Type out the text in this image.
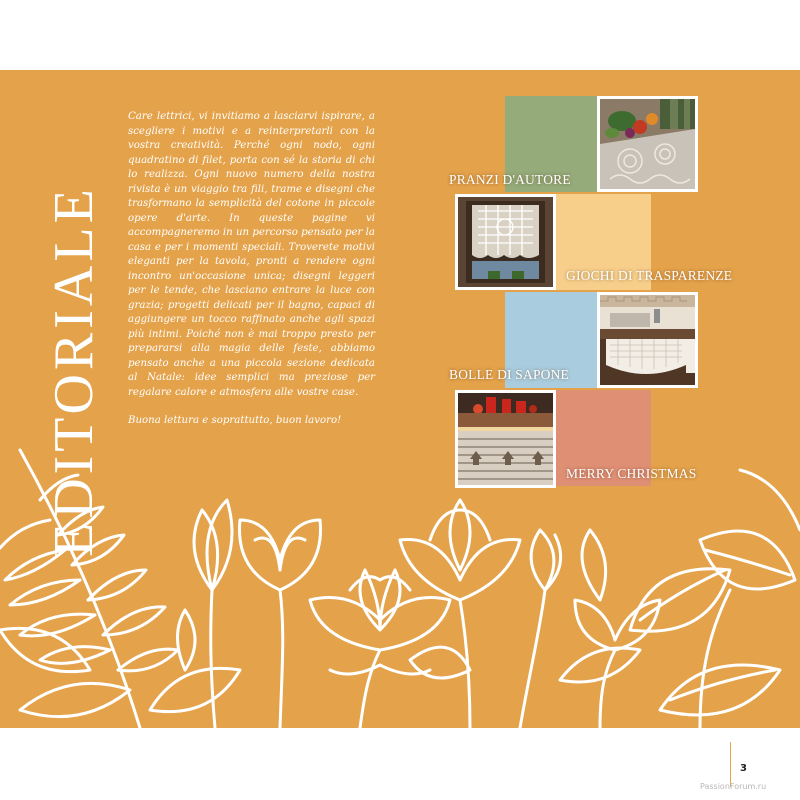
EDITORIALE

Care lettrici, vi invitiamo a lasciarvi ispirare, a scegliere i motivi e a reinterpretarli con la vostra creatività. Perché ogni nodo, ogni quadratino di filet, porta con sé la storia di chi lo realizza. Ogni nuovo numero della nostra rivista è un viaggio tra fili, trame e disegni che trasformano la semplicità del cotone in piccole opere d'arte. In queste pagine vi accompagneremo in un percorso pensato per la casa e per i momenti speciali. Troverete motivi eleganti per la tavola, pronti a rendere ogni incontro un'occasione unica; disegni leggeri per le tende, che lasciano entrare la luce con grazia; progetti delicati per il bagno, capaci di aggiungere un tocco raffinato anche agli spazi più intimi. Poiché non è mai troppo presto per prepararsi alla magia delle feste, abbiamo pensato anche a una piccola sezione dedicata al Natale: idee semplici ma preziose per regalare calore e atmosfera alle vostre case.

Buona lettura e soprattutto, buon lavoro!

PRANZI D'AUTORE
GIOCHI DI TRASPARENZE
BOLLE DI SAPONE
MERRY CHRISTMAS
3
PassionForum.ru
